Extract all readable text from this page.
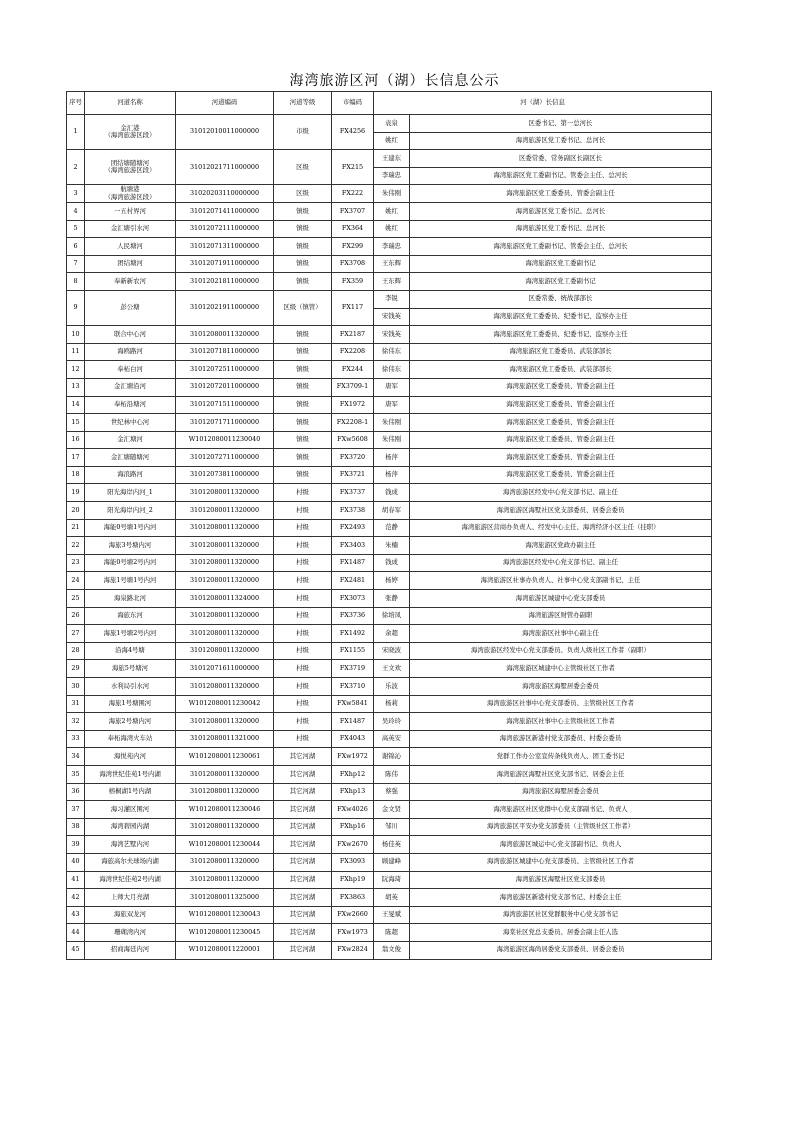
海湾旅游区河（湖）长信息公示
序号	河道名称	河道编码	河道等级	市编码	河（湖）长信息	
1	金汇港
（海湾旅游区段）	31012010011000000	市级	FX4256	袁泉	区委书记、第一总河长
					姚红	海湾旅游区党工委书记、总河长
2	团结塘随塘河
（海湾旅游区段）	31012021711000000	区级	FX215	王建东	区委常委、常务副区长副区长
					李瑞忠	海湾旅游区党工委副书记、管委会主任、总河长
3	航塘港
（海湾旅游区段）	31020203110000000	区级	FX222	朱伟刚	海湾旅游区党工委委员、管委会副主任
4	一五村界河	31012071411000000	镇级	FX3707	姚红	海湾旅游区党工委书记、总河长
5	金汇塘引水河	31012072111000000	镇级	FX364	姚红	海湾旅游区党工委书记、总河长
6	人民塘河	31012071311000000	镇级	FX299	李瑞忠	海湾旅游区党工委副书记、管委会主任、总河长
7	团结塘河	31012071911000000	镇级	FX3708	王东辉	海湾旅游区党工委副书记
8	奉新新农河	31012021811000000	镇级	FX359	王东辉	海湾旅游区党工委副书记
9	彭公塘	31012021911000000	区级（镇管）	FX117	李锐	区委常委、统战部部长
					宋钱英	海湾旅游区党工委委员、纪委书记、监察办主任
10	联合中心河	31012080011320000	镇级	FX2187	宋钱英	海湾旅游区党工委委员、纪委书记、监察办主任
11	海鸥路河	31012071811000000	镇级	FX2208	徐伟东	海湾旅游区党工委委员、武装部部长
12	奉柘白河	31012072511000000	镇级	FX244	徐伟东	海湾旅游区党工委委员、武装部部长
13	金汇塘沿河	31012072011000000	镇级	FX3709-1	唐军	海湾旅游区党工委委员、管委会副主任
14	奉柘沿塘河	31012071511000000	镇级	FX1972	唐军	海湾旅游区党工委委员、管委会副主任
15	世纪林中心河	31012071711000000	镇级	FX2208-1	朱伟刚	海湾旅游区党工委委员、管委会副主任
16	金汇塘河	W1012080011230040	镇级	FXw5608	朱伟刚	海湾旅游区党工委委员、管委会副主任
17	金汇塘随塘河	31012072711000000	镇级	FX3720	杨萍	海湾旅游区党工委委员、管委会副主任
18	海浪路河	31012073811000000	镇级	FX3721	杨萍	海湾旅游区党工委委员、管委会副主任
19	阳光海岸内河_1	31012080011320000	村级	FX3737	钱成	海湾旅游区经发中心党支部书记、副主任
20	阳光海岸内河_2	31012080011320000	村级	FX3738	胡春军	海湾旅游区海墅社区党支部委员、居委会委员
21	海能0号塘1号内河	31012080011320000	村级	FX2493	范静	海湾旅游区营商办负责人、经发中心主任、海湾经济小区主任（挂职）
22	海旅3号塘内河	31012080011320000	村级	FX3403	朱楠	海湾旅游区党政办副主任
23	海能0号塘2号内河	31012080011320000	村级	FX1487	钱成	海湾旅游区经发中心党支部书记、副主任
24	海旅1号塘1号内河	31012080011320000	村级	FX2481	杨婷	海湾旅游区社事办负责人、社事中心党支部副书记、主任
25	海泉路北河	31012080011324000	村级	FX3073	张静	海湾旅游区城建中心党支部委员
26	海旅东河	31012080011320000	村级	FX3736	徐培凤	海湾旅游区财管办副职
27	海旅1号塘2号内河	31012080011320000	村级	FX1492	余超	海湾旅游区社事中心副主任
28	沿海4号塘	31012080011320000	村级	FX1155	宋晓波	海湾旅游区经发中心党支部委员、负责人级社区工作者（副职）
29	海旅5号塘河	31012071611000000	村级	FX3719	王文欢	海湾旅游区城建中心主管级社区工作者
30	水利局引水河	31012080011320000	村级	FX3710	乐波	海湾旅游区海墅居委会委员
31	海旅1号塘围河	W1012080011230042	村级	FXw5841	杨莉	海湾旅游区社事中心党支部委员、主管级社区工作者
32	海旅2号塘内河	31012080011320000	村级	FX1487	吴玲玲	海湾旅游区社事中心主管级社区工作者
33	奉柘海湾火车站	31012080011321000	村级	FX4043	高英安	海湾旅游区新港村党支部委员、村委会委员
34	海悦苑内河	W1012080011230061	其它河湖	FXw1972	谢锦沁	党群工作办公室宣传条线负责人、团工委书记
35	海湾世纪佳苑1号内湖	31012080011320000	其它河湖	FXhp12	陈伟	海湾旅游区海墅社区党支部书记、居委会主任
36	榕桐湖1号内湖	31012080011320000	其它河湖	FXhp13	蔡强	海湾旅游区海墅居委会委员
37	海习灌区围河	W1012080011230046	其它河湖	FXw4026	金文贤	海湾旅游区社区党群中心党支部副书记、负责人
38	海湾碧园内湖	31012080011320000	其它河湖	FXhp16	邹川	海湾旅游区平安办党支部委员（主管级社区工作者）
39	海湾艺墅内河	W1012080011230044	其它河湖	FXw2670	杨佳英	海湾旅游区城运中心党支部副书记、负责人
40	海旅高尔夫球场内湖	31012080011320000	其它河湖	FX3093	顾建峰	海湾旅游区城建中心党支部委员、主管级社区工作者
41	海湾世纪佳苑2号内湖	31012080011320000	其它河湖	FXhp19	阮海琦	海湾旅游区海墅社区党支部委员
42	上师大月亮湖	31012080011325000	其它河湖	FX3863	胡英	海湾旅游区新港村党支部书记、村委会主任
43	海旅双龙河	W1012080011230043	其它河湖	FXw2660	王旻斌	海湾旅游区社区党群服务中心党支部书记
44	珊瑚湾内河	W1012080011230045	其它河湖	FXw1973	陈超	海棠社区党总支委员、居委会副主任人选
45	招商海廷内河	W1012080011220001	其它河湖	FXw2824	翁文俊	海湾旅游区海尚居委党支部委员、居委会委员
